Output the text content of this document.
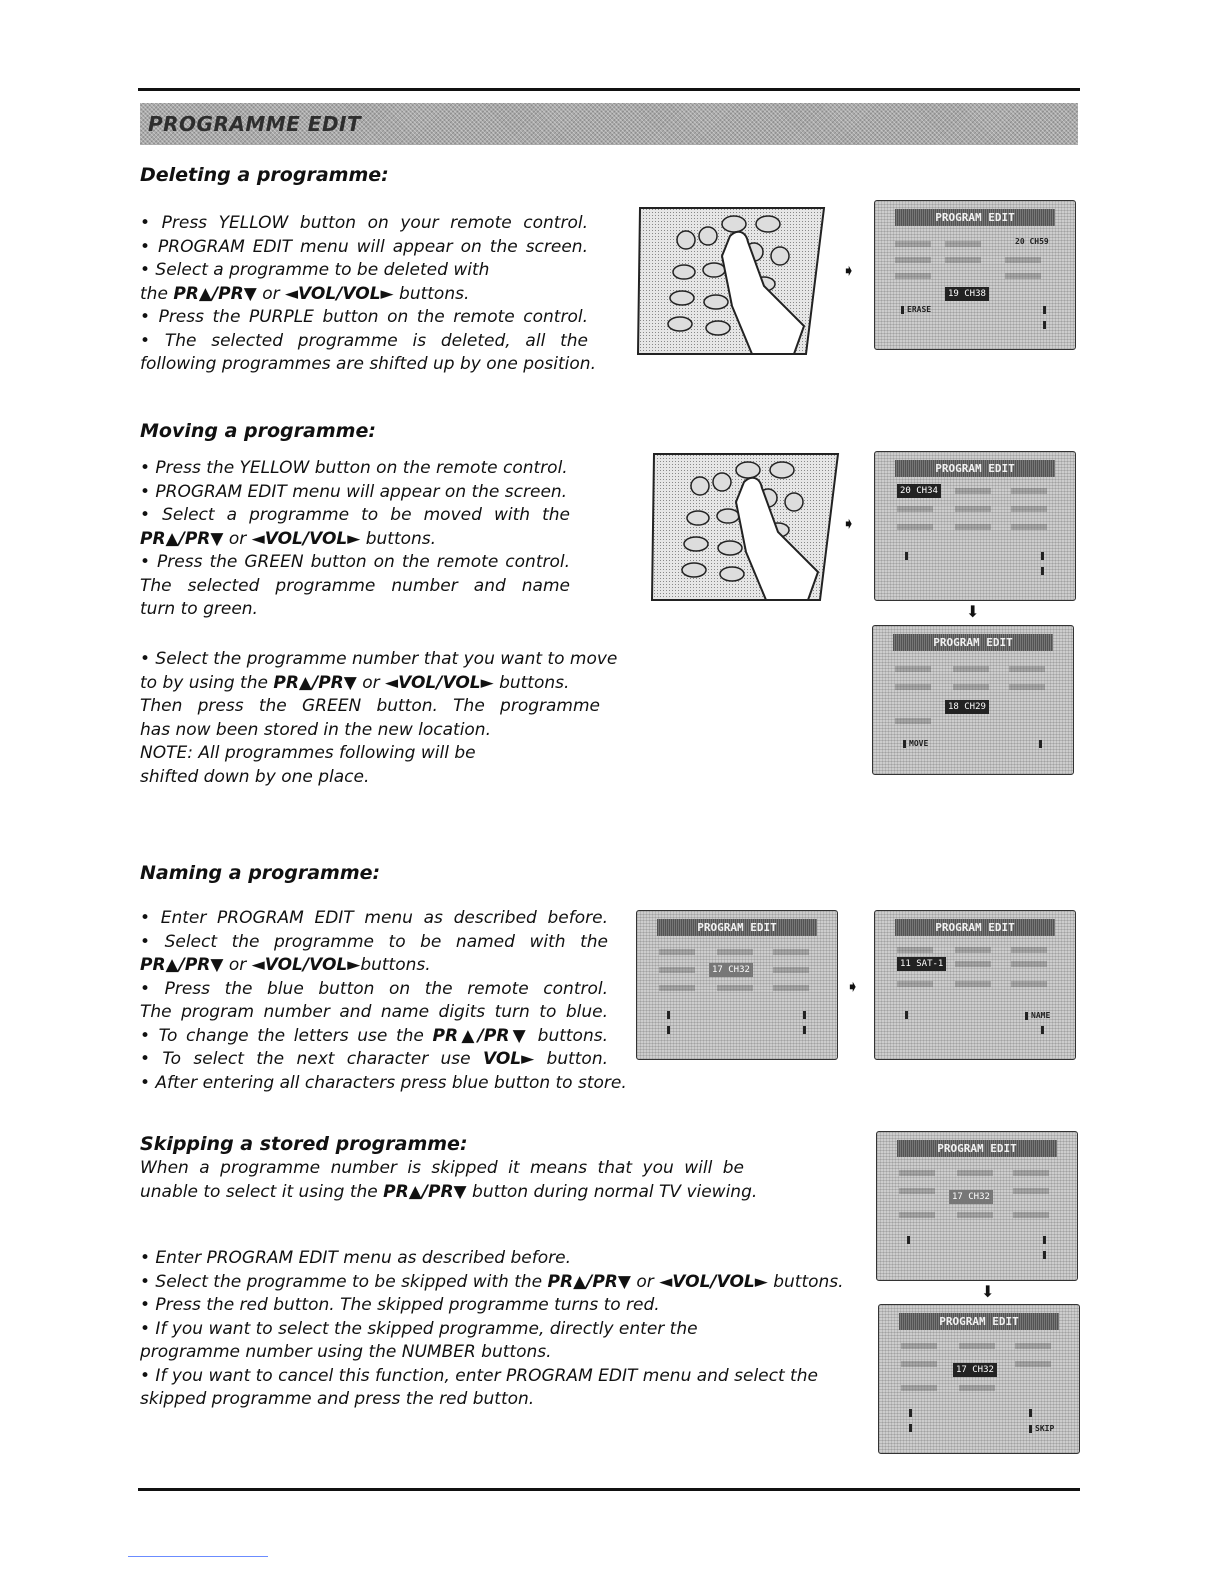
PROGRAMME EDIT
Deleting a programme:
• Press YELLOW button on your remote control.
• PROGRAM EDIT menu will appear on the screen.
• Select a programme to be deleted with
the PR▲/PR▼ or ◄VOL/VOL► buttons.
• Press the PURPLE button on the remote control.
• The selected programme is deleted, all the
following programmes are shifted up by one position.
➧
PROGRAM EDIT
20 CH59
19 CH38
ERASE
Moving a programme:
• Press the YELLOW button on the remote control.
• PROGRAM EDIT menu will appear on the screen.
• Select a programme to be moved with the
PR▲/PR▼ or ◄VOL/VOL► buttons.
• Press the GREEN button on the remote control.
The selected programme number and name
turn to green.
• Select the programme number that you want to move
to by using the PR▲/PR▼ or ◄VOL/VOL► buttons.
Then press the GREEN button. The programme
has now been stored in the new location.
NOTE: All programmes following will be
shifted down by one place.
➧
PROGRAM EDIT
20 CH34
⬇
PROGRAM EDIT
18 CH29
MOVE
Naming a programme:
• Enter PROGRAM EDIT menu as described before.
• Select the programme to be named with the
PR▲/PR▼ or ◄VOL/VOL►buttons.
• Press the blue button on the remote control.
The program number and name digits turn to blue.
• To change the letters use the PR▲/PR▼ buttons.
• To select the next character use VOL► button.
• After entering all characters press blue button to store.
PROGRAM EDIT
17 CH32
➧
PROGRAM EDIT
11 SAT-1
NAME
Skipping a stored programme:
When a programme number is skipped it means that you will be
unable to select it using the PR▲/PR▼ button during normal TV viewing.
• Enter PROGRAM EDIT menu as described before.
• Select the programme to be skipped with the PR▲/PR▼ or ◄VOL/VOL► buttons.
• Press the red button. The skipped programme turns to red.
• If you want to select the skipped programme, directly enter the
programme number using the NUMBER buttons.
• If you want to cancel this function, enter PROGRAM EDIT menu and select the
skipped programme and press the red button.
PROGRAM EDIT
17 CH32
⬇
PROGRAM EDIT
17 CH32
SKIP
